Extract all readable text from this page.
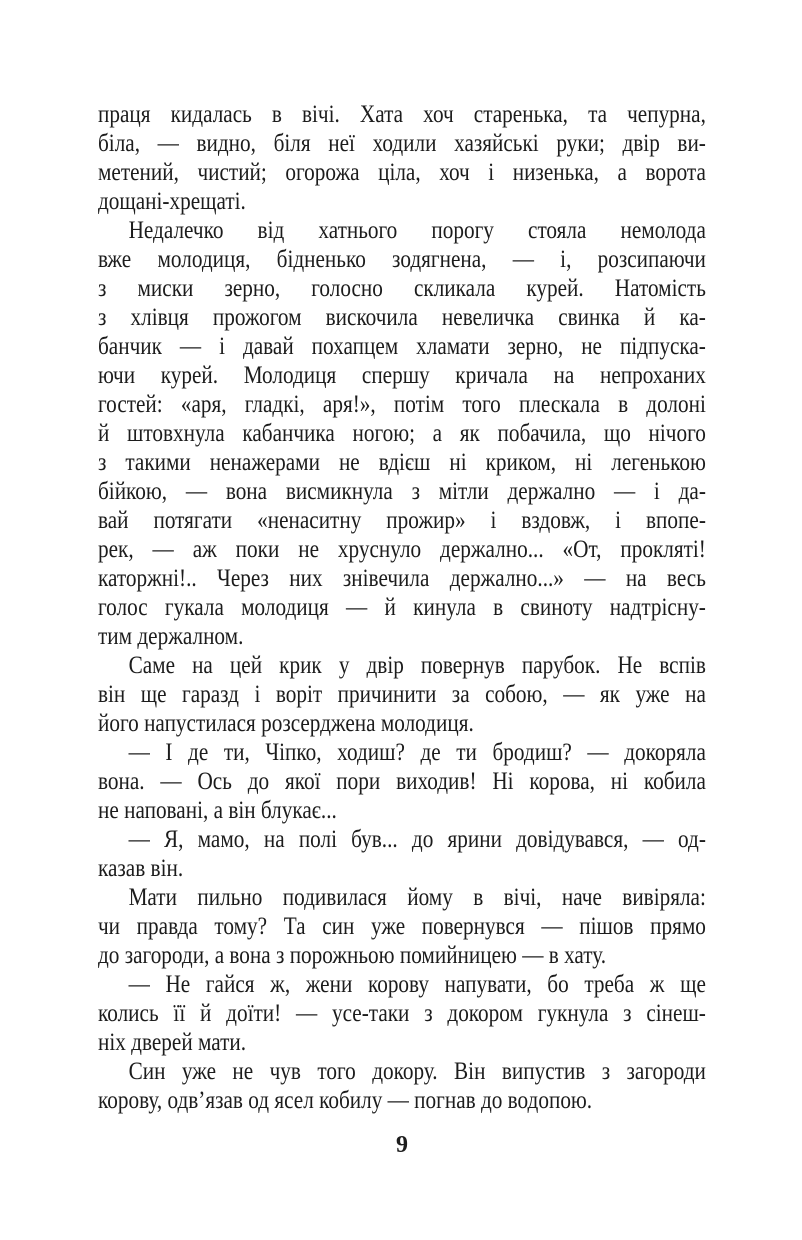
праця кидалась в вічі. Хата хоч старенька, та чепурна,
біла, — видно, біля неї ходили хазяйські руки; двір ви-
метений, чистий; огорожа ціла, хоч і низенька, а ворота
дощані-хрещаті.
Недалечко від хатнього порогу стояла немолода
вже молодиця, бідненько зодягнена, — і, розсипаючи
з миски зерно, голосно скликала курей. Натомість
з хлівця прожогом вискочила невеличка свинка й ка-
банчик — і давай похапцем хламати зерно, не підпуска-
ючи курей. Молодиця спершу кричала на непроханих
гостей: «аря, гладкі, аря!», потім того плескала в долоні
й штовхнула кабанчика ногою; а як побачила, що нічого
з такими ненажерами не вдієш ні криком, ні легенькою
бійкою, — вона висмикнула з мітли держално — і да-
вай потягати «ненаситну прожир» і вздовж, і впопе-
рек, — аж поки не хруснуло держално... «От, прокляті!
каторжні!.. Через них знівечила держално...» — на весь
голос гукала молодиця — й кинула в свиноту надтрісну-
тим держалном.
Саме на цей крик у двір повернув парубок. Не вспів
він ще гаразд і воріт причинити за собою, — як уже на
його напустилася розсерджена молодиця.
— І де ти, Чіпко, ходиш? де ти бродиш? — докоряла
вона. — Ось до якої пори виходив! Ні корова, ні кобила
не наповані, а він блукає...
— Я, мамо, на полі був... до ярини довідувався, — од-
казав він.
Мати пильно подивилася йому в вічі, наче вивіряла:
чи правда тому? Та син уже повернувся — пішов прямо
до загороди, а вона з порожньою помийницею — в хату.
— Не гайся ж, жени корову напувати, бо треба ж ще
колись її й доїти! — усе-таки з докором гукнула з сінеш-
ніх дверей мати.
Син уже не чув того докору. Він випустив з загороди
корову, одв’язав од ясел кобилу — погнав до водопою.
9
